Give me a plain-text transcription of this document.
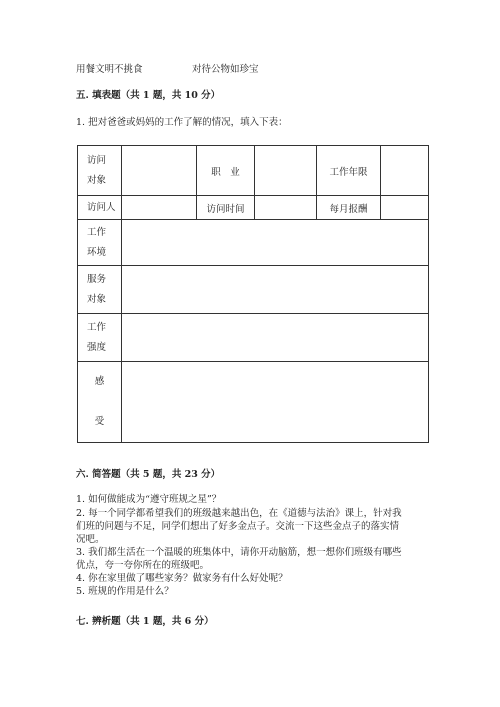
用餐文明不挑食	对待公物如珍宝
五. 填表题（共 1 题，共 10 分）
1. 把对爸爸或妈妈的工作了解的情况，填入下表：
访问
对象		职　业		工作年限	
访问人		访问时间		每月报酬	

工作
环境					

服务
对象					

工作
强度					

感
受					

六. 简答题（共 5 题，共 23 分）
1. 如何做能成为“遵守班规之星”？
2. 每一个同学都希望我们的班级越来越出色，在《道德与法治》课上，针对我
们班的问题与不足，同学们想出了好多金点子。交流一下这些金点子的落实情
况吧。
3. 我们都生活在一个温暖的班集体中，请你开动脑筋，想一想你们班级有哪些
优点，夸一夸你所在的班级吧。
4. 你在家里做了哪些家务？做家务有什么好处呢？
5. 班规的作用是什么？
七. 辨析题（共 1 题，共 6 分）
